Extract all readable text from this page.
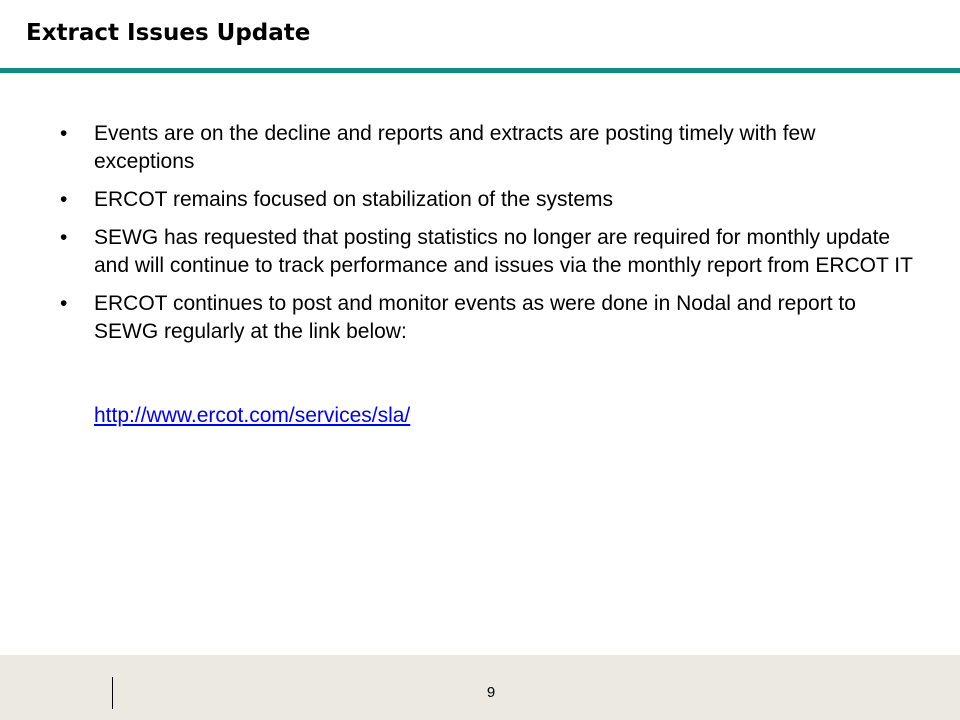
Extract Issues Update
• Events are on the decline and reports and extracts are posting timely with few exceptions
• ERCOT remains focused on stabilization of the systems
• SEWG has requested that posting statistics no longer are required for monthly update and will continue to track performance and issues via the monthly report from ERCOT IT
• ERCOT continues to post and monitor events as were done in Nodal and report to SEWG regularly at the link below:
http://www.ercot.com/services/sla/
9
